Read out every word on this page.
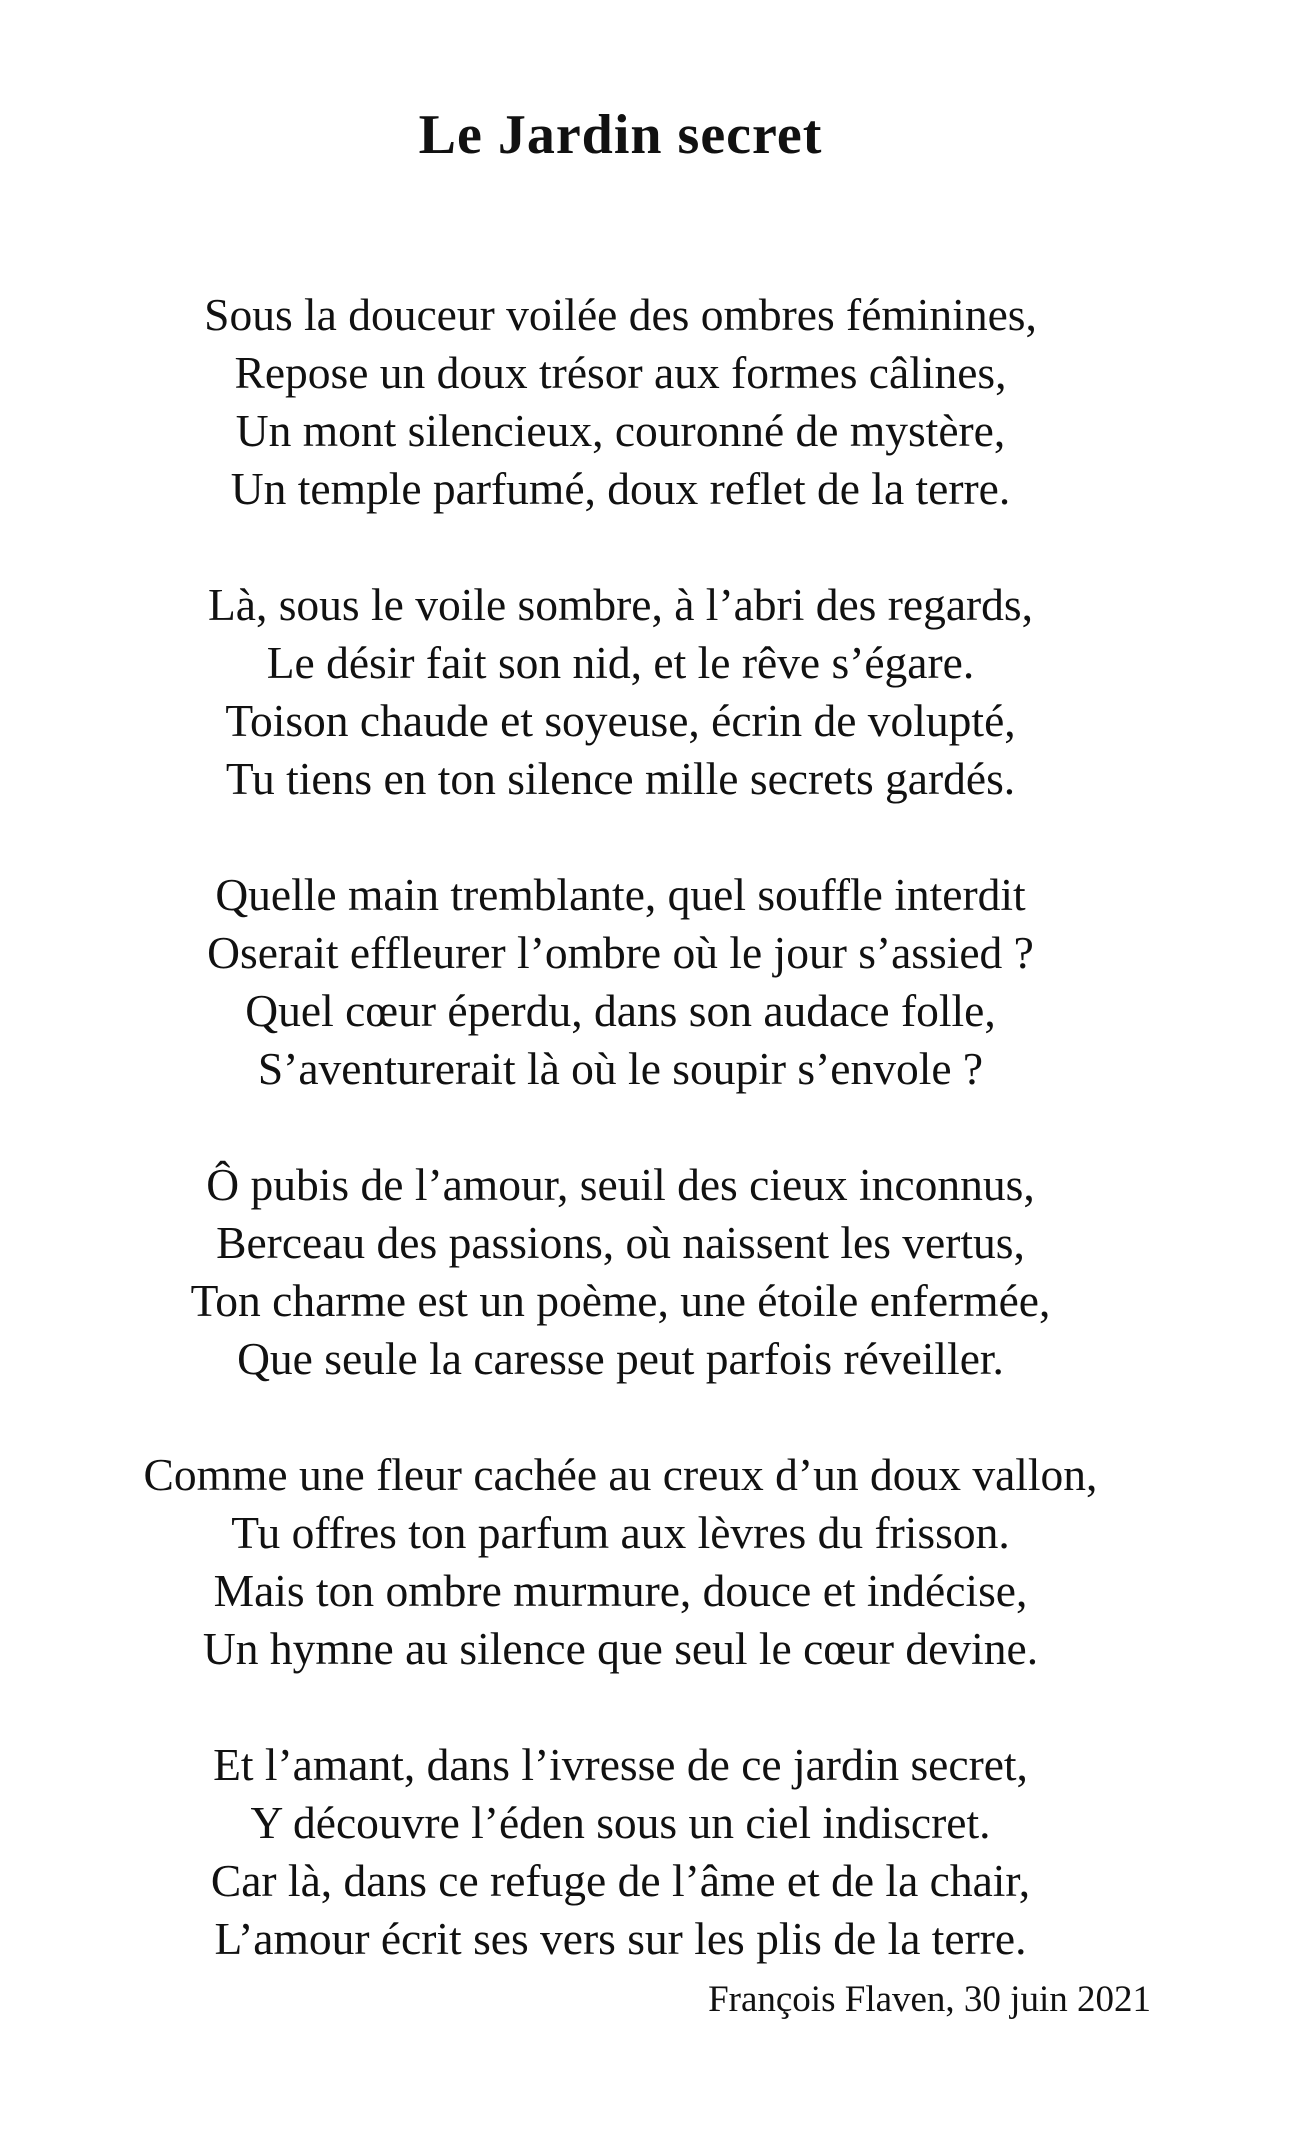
Le Jardin secret

Sous la douceur voilée des ombres féminines,
Repose un doux trésor aux formes câlines,
Un mont silencieux, couronné de mystère,
Un temple parfumé, doux reflet de la terre.

Là, sous le voile sombre, à l’abri des regards,
Le désir fait son nid, et le rêve s’égare.
Toison chaude et soyeuse, écrin de volupté,
Tu tiens en ton silence mille secrets gardés.

Quelle main tremblante, quel souffle interdit
Oserait effleurer l’ombre où le jour s’assied ?
Quel cœur éperdu, dans son audace folle,
S’aventurerait là où le soupir s’envole ?

Ô pubis de l’amour, seuil des cieux inconnus,
Berceau des passions, où naissent les vertus,
Ton charme est un poème, une étoile enfermée,
Que seule la caresse peut parfois réveiller.

Comme une fleur cachée au creux d’un doux vallon,
Tu offres ton parfum aux lèvres du frisson.
Mais ton ombre murmure, douce et indécise,
Un hymne au silence que seul le cœur devine.

Et l’amant, dans l’ivresse de ce jardin secret,
Y découvre l’éden sous un ciel indiscret.
Car là, dans ce refuge de l’âme et de la chair,
L’amour écrit ses vers sur les plis de la terre.

François Flaven, 30 juin 2021
